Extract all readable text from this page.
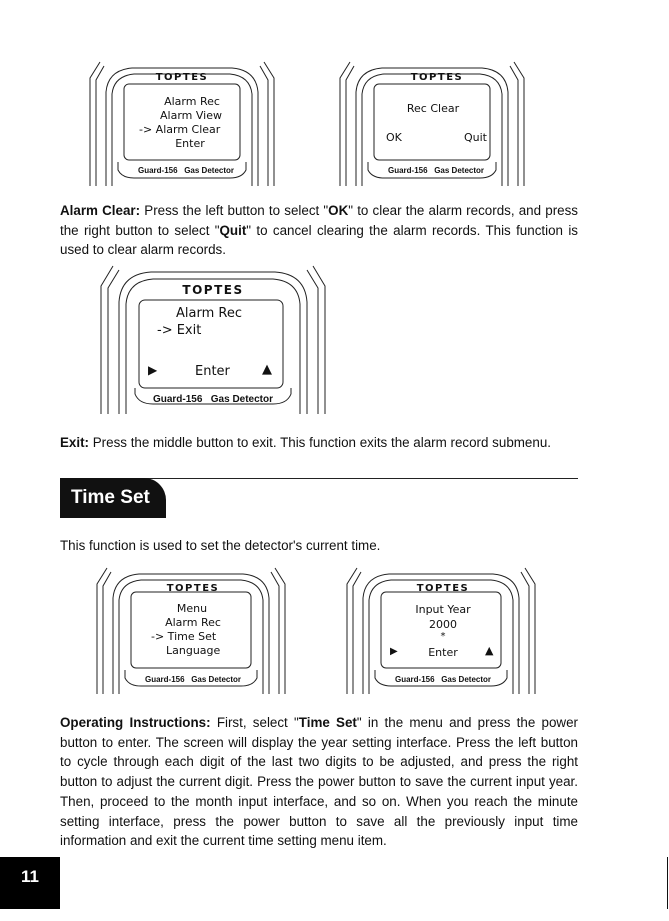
TOPTES
Alarm Rec
Alarm View
-> Alarm Clear
Enter
Guard-156   Gas Detector
TOPTES
Rec Clear
OK	Quit
Guard-156   Gas Detector
Alarm Clear: Press the left button to select "OK" to clear the alarm records, and press the right button to select "Quit" to cancel clearing the alarm records. This function is used to clear alarm records.
TOPTES
Alarm Rec
-> Exit
▶	Enter ▲
Guard-156   Gas Detector
Exit: Press the middle button to exit. This function exits the alarm record submenu.
Time Set
This function is used to set the detector's current time.
TOPTES
Menu
Alarm Rec
-> Time Set
Language
Guard-156   Gas Detector
TOPTES
Input Year
2000
*
▶	Enter	▲
Guard-156   Gas Detector
Operating Instructions: First, select "Time Set" in the menu and press the power button to enter. The screen will display the year setting interface. Press the left button to cycle through each digit of the last two digits to be adjusted, and press the right button to adjust the current digit. Press the power button to save the current input year. Then, proceed to the month input interface, and so on. When you reach the minute setting interface, press the power button to save all the previously input time information and exit the current time setting menu item.
11
